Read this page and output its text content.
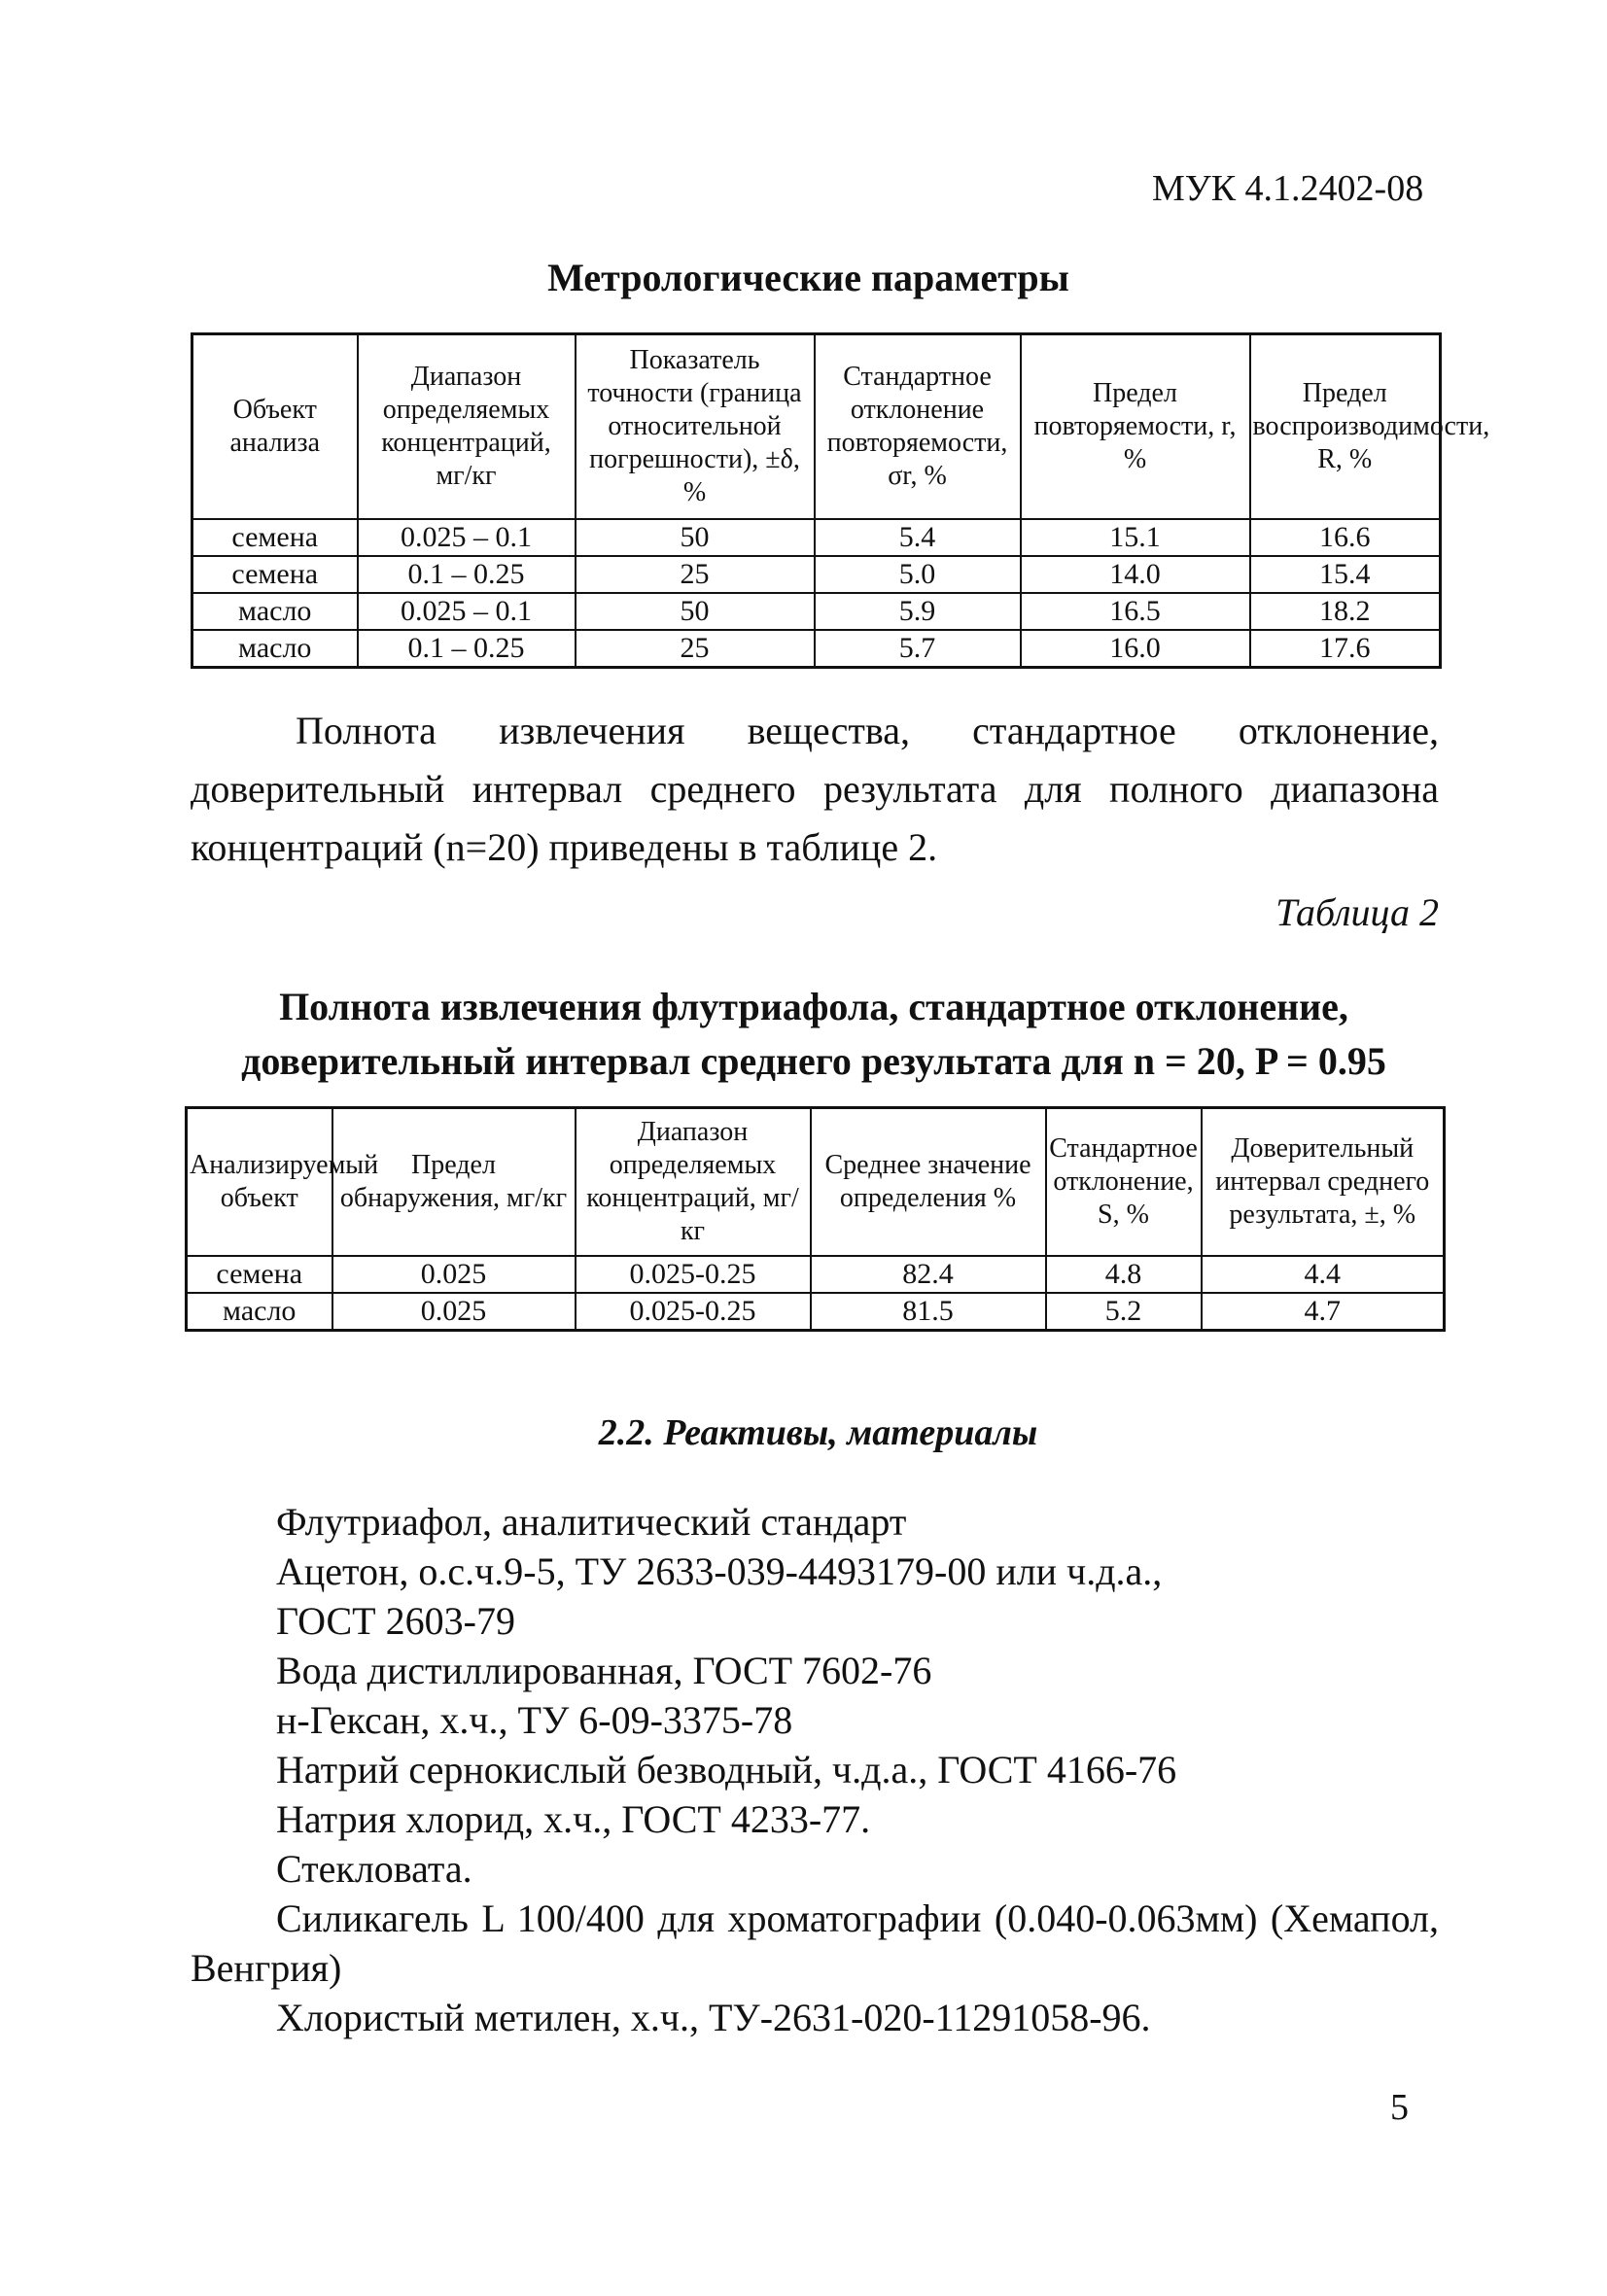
МУК 4.1.2402-08
Метрологические параметры
Объект анализа	Диапазон определяемых концентраций, мг/кг	Показатель точности (граница относительной погрешности), ±δ, %	Стандартное отклонение повторяемости, σr, %	Предел повторяемости, r, %	Предел воспроизводимости, R, %
семена	0.025 – 0.1	50	5.4	15.1	16.6
семена	0.1 – 0.25	25	5.0	14.0	15.4
масло	0.025 – 0.1	50	5.9	16.5	18.2
масло	0.1 – 0.25	25	5.7	16.0	17.6

Полнота извлечения вещества, стандартное отклонение, доверительный интервал среднего результата для полного диапазона концентраций (n=20) приведены в таблице 2.

Таблица 2
Полнота извлечения флутриафола, стандартное отклонение,
доверительный интервал среднего результата для n = 20, P = 0.95
Анализируемый объект	Предел обнаружения, мг/кг	Диапазон определяемых концентраций, мг/кг	Среднее значение определения %	Стандартное отклонение, S, %	Доверительный интервал среднего результата, ±, %
семена	0.025	0.025-0.25	82.4	4.8	4.4
масло	0.025	0.025-0.25	81.5	5.2	4.7
2.2. Реактивы, материалы
Флутриафол, аналитический стандарт
Ацетон, о.с.ч.9-5, ТУ 2633-039-4493179-00 или ч.д.а.,
ГОСТ 2603-79
Вода дистиллированная, ГОСТ 7602-76
н-Гексан, х.ч., ТУ 6-09-3375-78
Натрий сернокислый безводный, ч.д.а., ГОСТ 4166-76
Натрия хлорид, х.ч., ГОСТ 4233-77.
Стекловата.
Силикагель L 100/400 для хроматографии (0.040-0.063мм) (Хемапол, Венгрия)
Хлористый метилен, х.ч., ТУ-2631-020-11291058-96.
5
